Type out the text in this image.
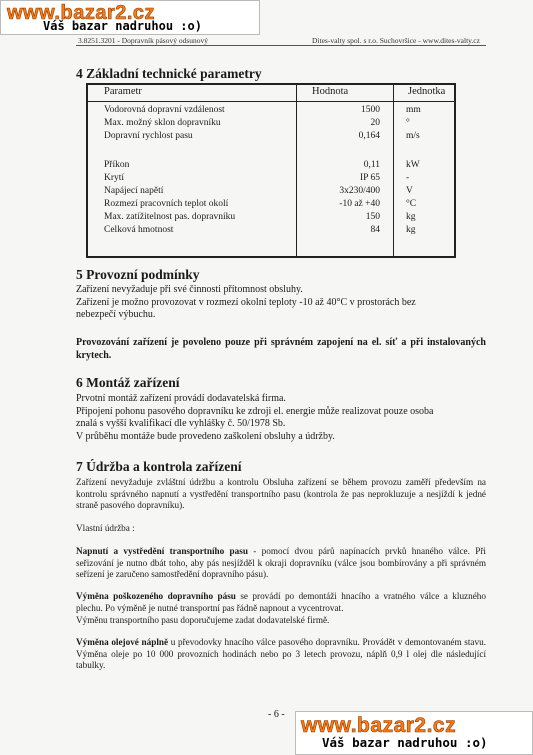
3.8251.3201 - Dopravník pásový odsunový	Dites-valty spol. s r.o. Suchovršice - www.dites-valty.cz
4 Základní technické parametry
Parametr	Hodnota	Jednotka
Vodorovná dopravní vzdálenost	1500	mm
Max. možný sklon dopravníku	20	°
Dopravní rychlost pasu	0,164	m/s
Příkon	0,11	kW
Krytí	IP 65	-
Napájecí napětí	3x230/400	V
Rozmezí pracovních teplot okolí	-10 až +40	°C
Max. zatížitelnost pas. dopravníku	150	kg
Celková hmotnost	84	kg
5 Provozní podmínky

Zařízení nevyžaduje při své činnosti přítomnost obsluhy.

Zařízení je možno provozovat v rozmezí okolní teploty -10 až 40°C v prostorách bez

nebezpečí výbuchu.

Provozování zařízení je povoleno pouze při správném zapojení na el. síť a při instalovaných krytech.

6 Montáž zařízení

Prvotní montáž zařízení provádí dodavatelská firma.

Připojení pohonu pasového dopravníku ke zdroji el. energie může realizovat pouze osoba

znalá s vyšší kvalifikací dle vyhlášky č. 50/1978 Sb.

V průběhu montáže bude provedeno zaškolení obsluhy a údržby.

7 Údržba a kontrola zařízení

Zařízení nevyžaduje zvláštní údržbu a kontrolu Obsluha zařízení se během provozu zaměří především na kontrolu správného napnutí a vystředění transportního pasu (kontrola že pas neprokluzuje a nesjíždí k jedné straně pasového dopravníku).

Vlastní údržba :

Napnutí a vystředění transportního pasu - pomocí dvou párů napínacích prvků hnaného válce. Při seřizování je nutno dbát toho, aby pás nesjížděl k okraji dopravníku (válce jsou bombírovány a při správném seřízení je zaručeno samostředění dopravního pásu).

Výměna poškozeného dopravního pásu se provádí po demontáži hnacího a vratného válce a kluzného plechu. Po výměně je nutné transportní pas řádně napnout a vycentrovat.

Výměnu transportního pasu doporučujeme zadat dodavatelské firmě.

Výměna olejové náplně u převodovky hnacího válce pasového dopravníku. Provádět v demontovaném stavu. Výměna oleje po 10 000 provozních hodinách nebo po 3 letech provozu, náplň 0,9 l olej dle následující tabulky.

- 6 -
www.bazar2.cz
Váš bazar nadruhou :o)
www.bazar2.cz
Váš bazar nadruhou :o)
